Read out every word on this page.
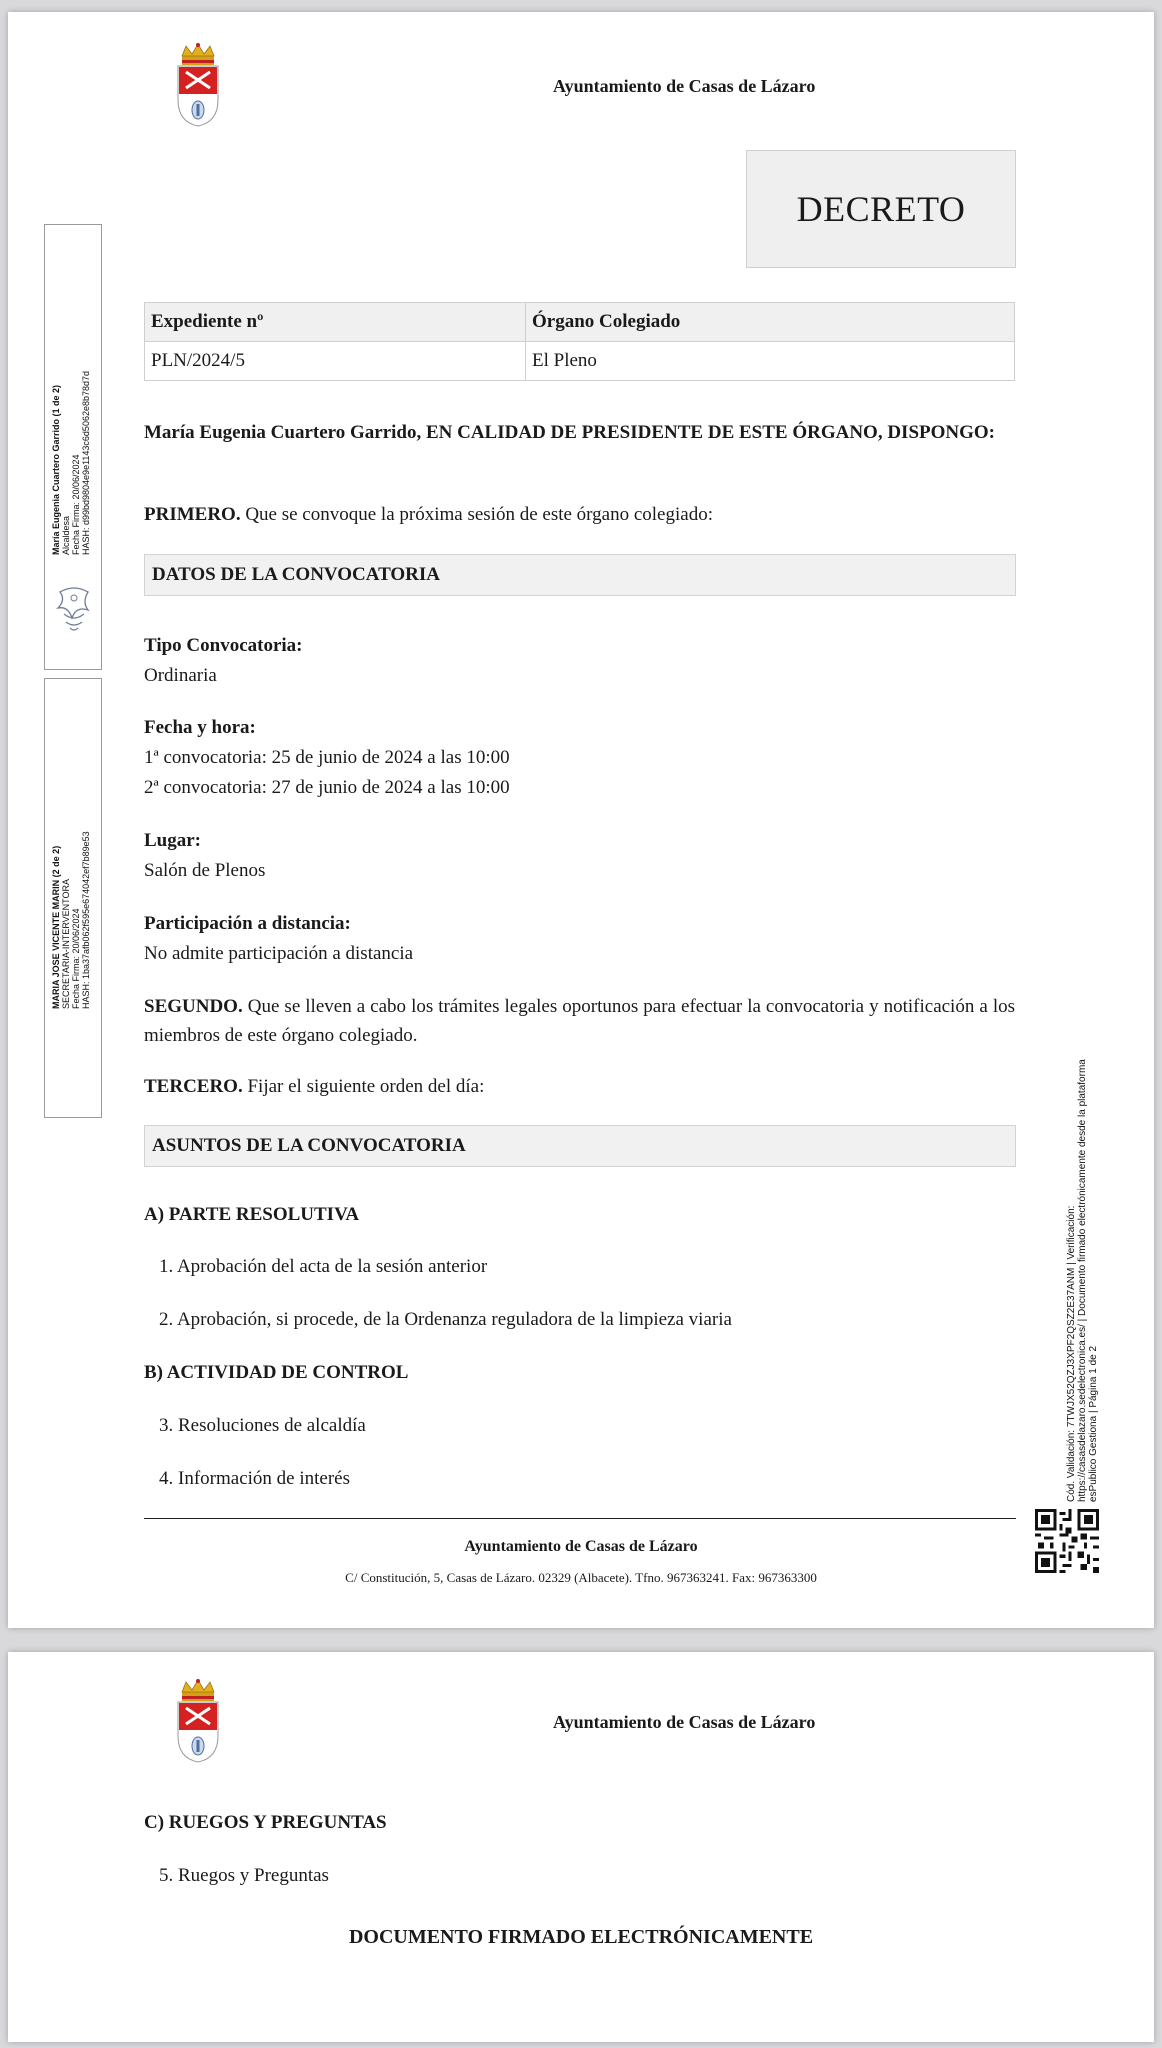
Ayuntamiento de Casas de Lázaro
DECRETO
Expediente nº	Órgano Colegiado
PLN/2024/5	El Pleno
María Eugenia Cuartero Garrido, EN CALIDAD DE PRESIDENTE DE ESTE ÓRGANO, DISPONGO:
PRIMERO. Que se convoque la próxima sesión de este órgano colegiado:
DATOS DE LA CONVOCATORIA
Tipo Convocatoria:
Ordinaria
Fecha y hora:
1ª convocatoria: 25 de junio de 2024 a las 10:00
2ª convocatoria: 27 de junio de 2024 a las 10:00
Lugar:
Salón de Plenos
Participación a distancia:
No admite participación a distancia
SEGUNDO. Que se lleven a cabo los trámites legales oportunos para efectuar la convocatoria y notificación a los miembros de este órgano colegiado.
TERCERO. Fijar el siguiente orden del día:
ASUNTOS DE LA CONVOCATORIA
A) PARTE RESOLUTIVA
1. Aprobación del acta de la sesión anterior
2. Aprobación, si procede, de la Ordenanza reguladora de la limpieza viaria
B) ACTIVIDAD DE CONTROL
3. Resoluciones de alcaldía
4. Información de interés
Ayuntamiento de Casas de Lázaro
C/ Constitución, 5, Casas de Lázaro. 02329 (Albacete). Tfno. 967363241. Fax: 967363300
María Eugenia Cuartero Garrido (1 de 2) Alcaldesa Fecha Firma: 20/06/2024 HASH: d99bd9804e9e1143c6d5062e8b78d7d
MARIA JOSE VICENTE MARIN (2 de 2) SECRETARIA-INTERVENTORA Fecha Firma: 20/06/2024 HASH: 1ba37afb062f595e674042ef7b89e53
Cód. Validación: 7TWJX52QZJ3XPF2QSZ2E37ANM | Verificación: https://casasdelazaro.sedelectronica.es/ | Documento firmado electrónicamente desde la plataforma esPublico Gestiona | Página 1 de 2
Ayuntamiento de Casas de Lázaro
C) RUEGOS Y PREGUNTAS
5. Ruegos y Preguntas
DOCUMENTO FIRMADO ELECTRÓNICAMENTE
